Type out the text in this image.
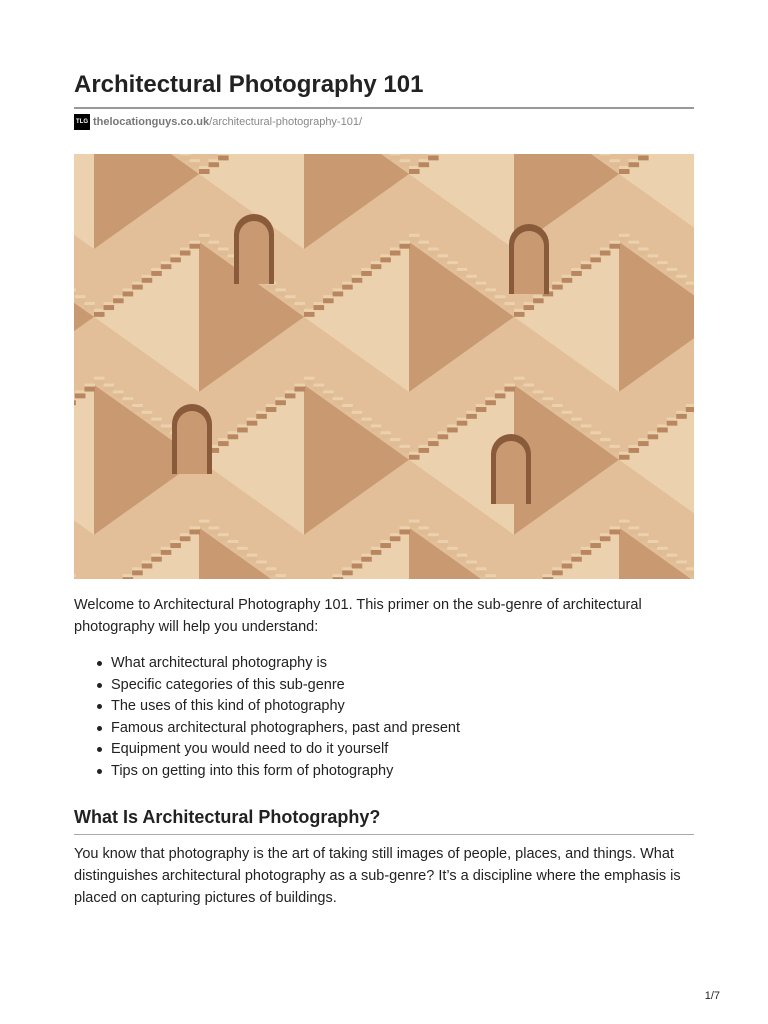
Architectural Photography 101
TLG thelocationguys.co.uk /architectural-photography-101/

Welcome to Architectural Photography 101. This primer on the sub-genre of architectural photography will help you understand:

What architectural photography is
Specific categories of this sub-genre
The uses of this kind of photography
Famous architectural photographers, past and present
Equipment you would need to do it yourself
Tips on getting into this form of photography
What Is Architectural Photography?

You know that photography is the art of taking still images of people, places, and things. What distinguishes architectural photography as a sub-genre? It’s a discipline where the emphasis is placed on capturing pictures of buildings.

1/7
